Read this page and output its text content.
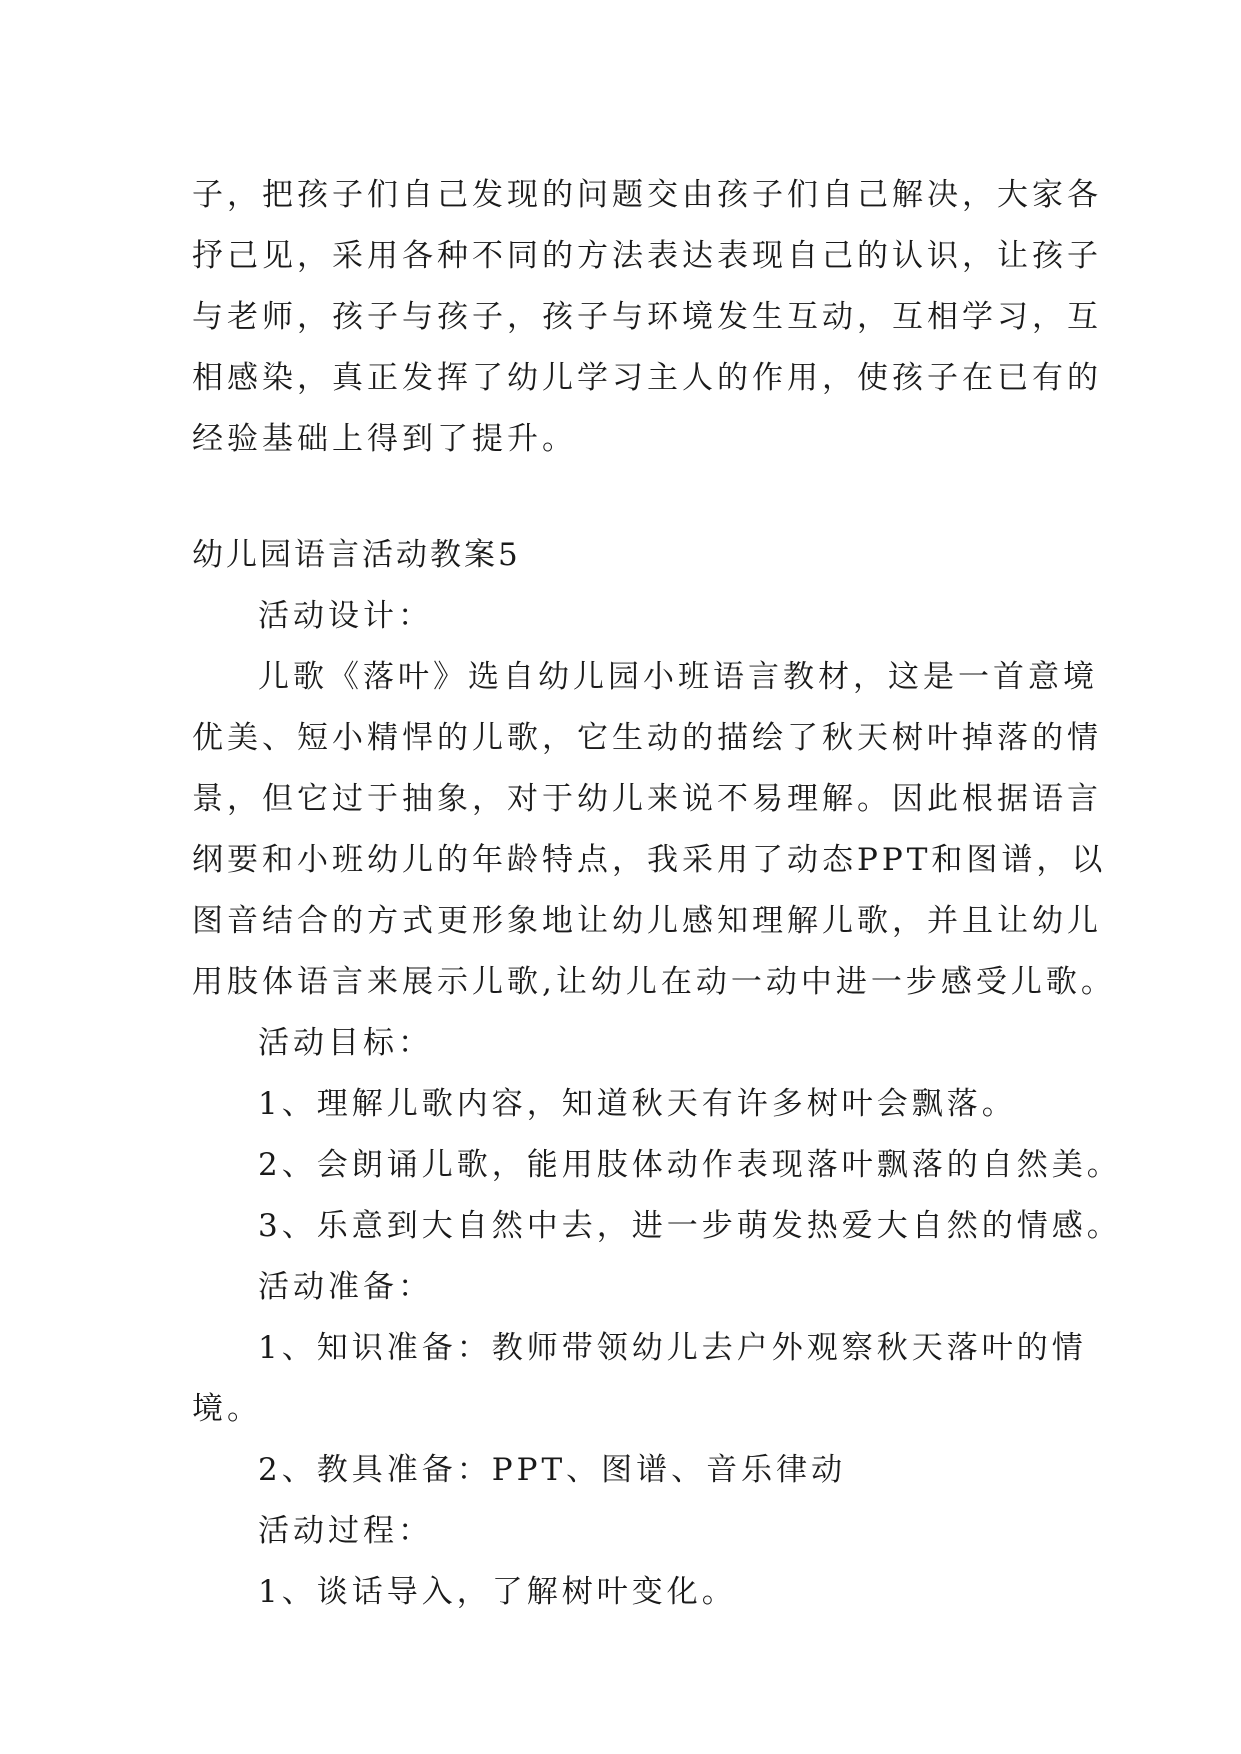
子，把孩子们自己发现的问题交由孩子们自己解决，大家各

抒己见，采用各种不同的方法表达表现自己的认识，让孩子

与老师，孩子与孩子，孩子与环境发生互动，互相学习，互

相感染，真正发挥了幼儿学习主人的作用，使孩子在已有的

经验基础上得到了提升。

幼儿园语言活动教案5

活动设计：

儿歌《落叶》选自幼儿园小班语言教材，这是一首意境

优美、短小精悍的儿歌，它生动的描绘了秋天树叶掉落的情

景，但它过于抽象，对于幼儿来说不易理解。因此根据语言

纲要和小班幼儿的年龄特点，我采用了动态PPT和图谱，以

图音结合的方式更形象地让幼儿感知理解儿歌，并且让幼儿

用肢体语言来展示儿歌,让幼儿在动一动中进一步感受儿歌。

活动目标：

1、理解儿歌内容，知道秋天有许多树叶会飘落。

2、会朗诵儿歌，能用肢体动作表现落叶飘落的自然美。

3、乐意到大自然中去，进一步萌发热爱大自然的情感。

活动准备：

1、知识准备：教师带领幼儿去户外观察秋天落叶的情

境。

2、教具准备：PPT、图谱、音乐律动

活动过程：

1、谈话导入，了解树叶变化。
